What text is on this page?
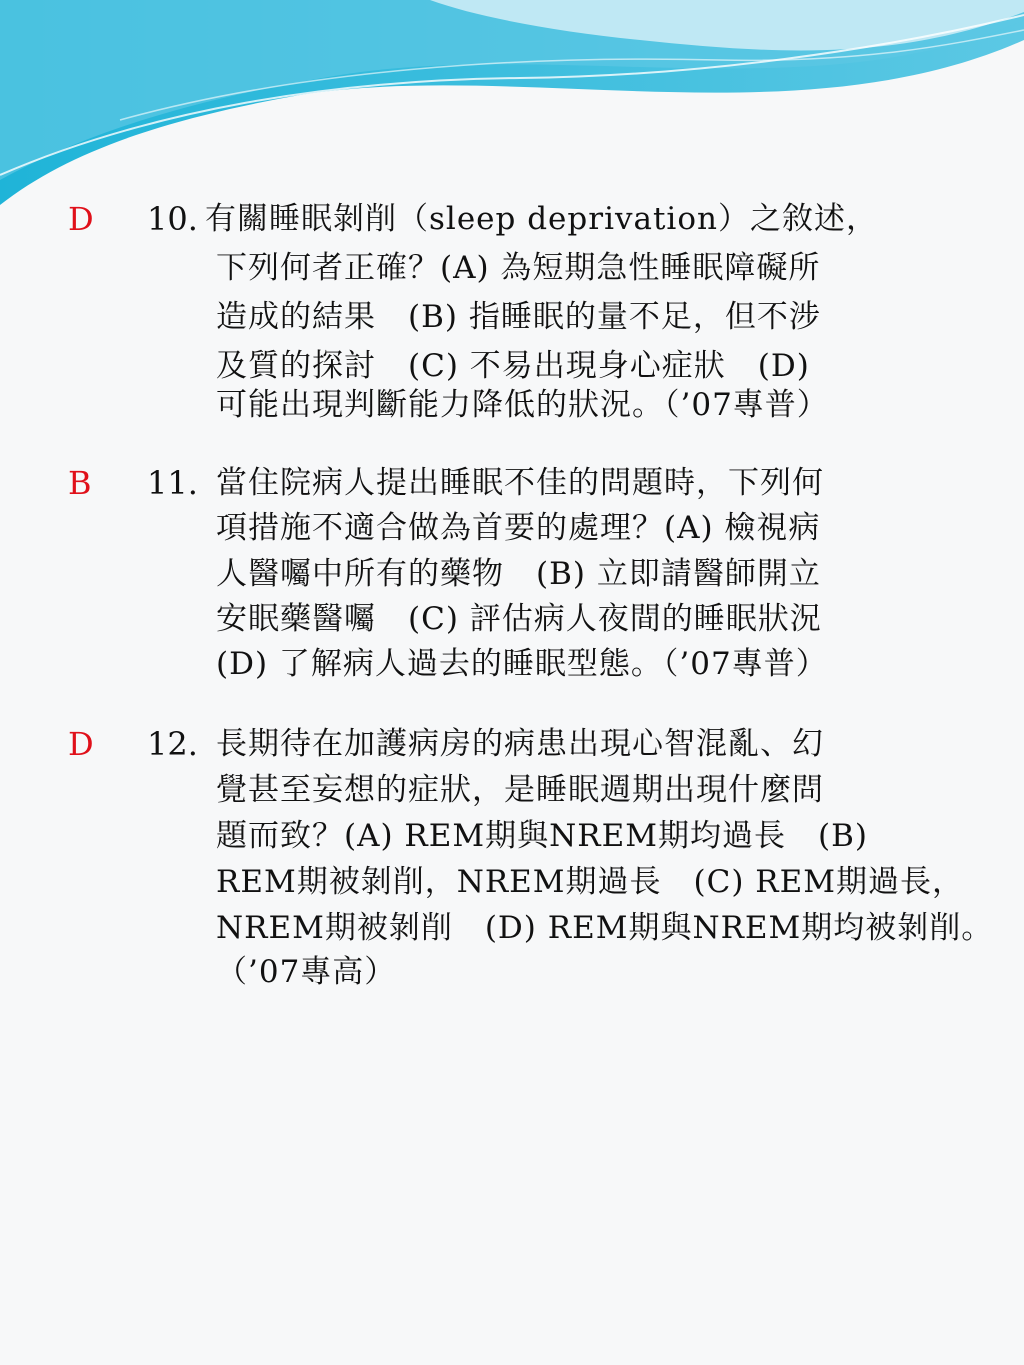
D 10. 有關睡眠剝削（sleep deprivation）之敘述，
下列何者正確？(A) 為短期急性睡眠障礙所
造成的結果　(B) 指睡眠的量不足，但不涉
及質的探討　(C) 不易出現身心症狀　(D)
可能出現判斷能力降低的狀況。（’07專普）
B 11. 當住院病人提出睡眠不佳的問題時，下列何
項措施不適合做為首要的處理？(A) 檢視病
人醫囑中所有的藥物　(B) 立即請醫師開立
安眠藥醫囑　(C) 評估病人夜間的睡眠狀況
(D) 了解病人過去的睡眠型態。（’07專普）
D 12. 長期待在加護病房的病患出現心智混亂、幻
覺甚至妄想的症狀，是睡眠週期出現什麼問
題而致？(A) REM期與NREM期均過長　(B)
REM期被剝削，NREM期過長　(C) REM期過長，
NREM期被剝削　(D) REM期與NREM期均被剝削。
（’07專高）
